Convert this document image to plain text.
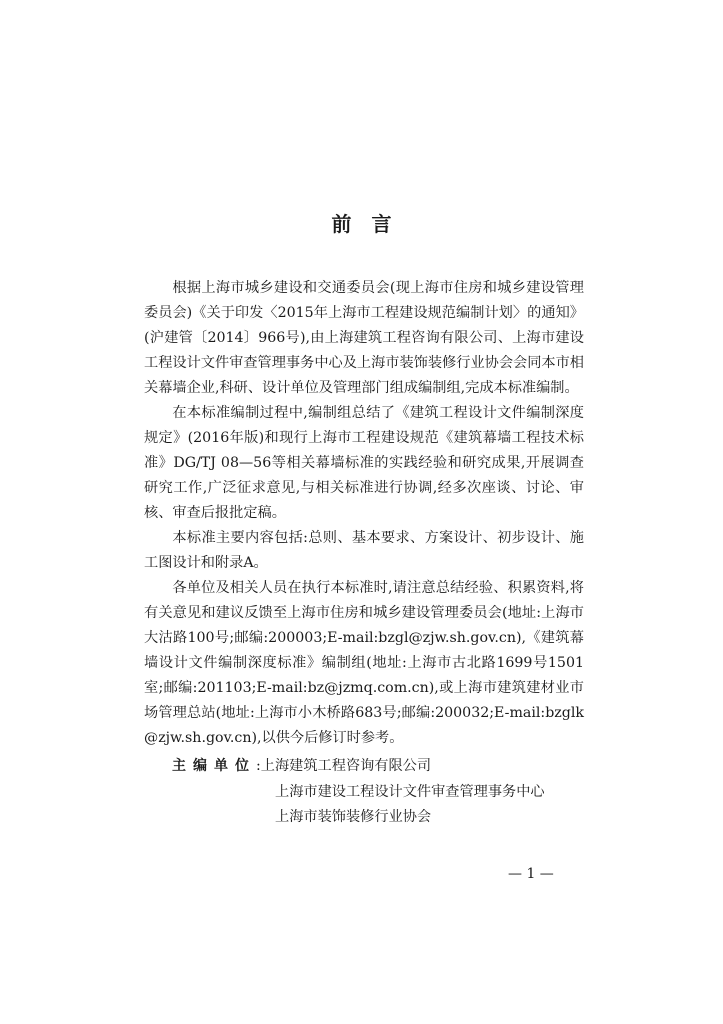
前　言

根据上海市城乡建设和交通委员会(现上海市住房和城乡建设管理委员会)《关于印发〈2015年上海市工程建设规范编制计划〉的通知》(沪建管〔2014〕966号),由上海建筑工程咨询有限公司、上海市建设工程设计文件审查管理事务中心及上海市装饰装修行业协会会同本市相关幕墙企业,科研、设计单位及管理部门组成编制组,完成本标准编制。

在本标准编制过程中,编制组总结了《建筑工程设计文件编制深度规定》(2016年版)和现行上海市工程建设规范《建筑幕墙工程技术标准》DG/TJ 08—56等相关幕墙标准的实践经验和研究成果,开展调查研究工作,广泛征求意见,与相关标准进行协调,经多次座谈、讨论、审核、审查后报批定稿。

本标准主要内容包括:总则、基本要求、方案设计、初步设计、施工图设计和附录A。

各单位及相关人员在执行本标准时,请注意总结经验、积累资料,将有关意见和建议反馈至上海市住房和城乡建设管理委员会(地址:上海市大沽路100号;邮编:200003;E-mail:bzgl@zjw.sh.gov.cn),《建筑幕墙设计文件编制深度标准》编制组(地址:上海市古北路1699号1501室;邮编:201103;E-mail:bz@jzmq.com.cn),或上海市建筑建材业市场管理总站(地址:上海市小木桥路683号;邮编:200032;E-mail:bzglk@zjw.sh.gov.cn),以供今后修订时参考。

主编单位 : 上海建筑工程咨询有限公司
上海市建设工程设计文件审查管理事务中心
上海市装饰装修行业协会
— 1 —
